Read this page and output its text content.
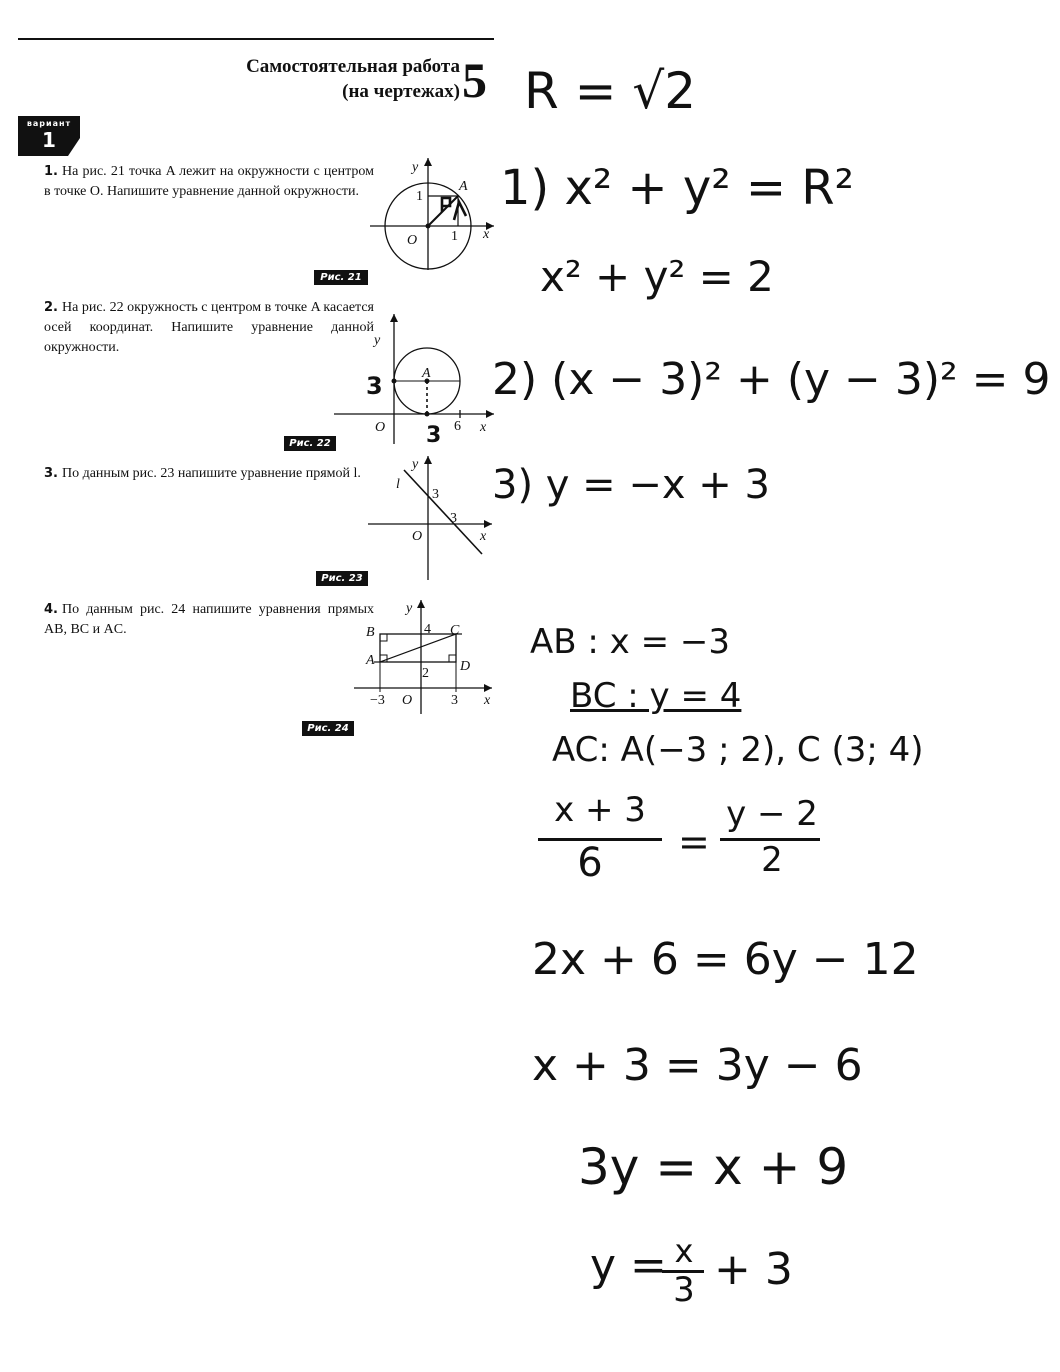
Самостоятельная работа
(на чертежах) 5
вариант
1
1. На рис. 21 точка A лежит на окружности с центром в точке O. Напишите уравнение данной окружности.
y
x
O
1
1
A
Рис. 21
2. На рис. 22 окружность с центром в точке A касается осей координат. Напишите уравнение данной окружности.	y
x
O	6
A
3
3
Рис. 22
3. По данным рис. 23 напишите уравнение прямой l.
y
x
O
3
3
l
Рис. 23
4. По данным рис. 24 напишите уравнения прямых AB, BC и AC.
y
x
O
−3	3
4
2
A
B	C
D
Рис. 24
R = √2
1) x² + y² = R²
x² + y² = 2
2) (x − 3)² + (y − 3)² = 9
3) y = −x + 3
AB : x = −3
BC : y = 4
AC: A(−3 ; 2), C (3; 4)
x + 3
6	=
y − 2
2
2x + 6 = 6y − 12
x + 3 = 3y − 6
3y = x + 9
y = x
3 + 3
